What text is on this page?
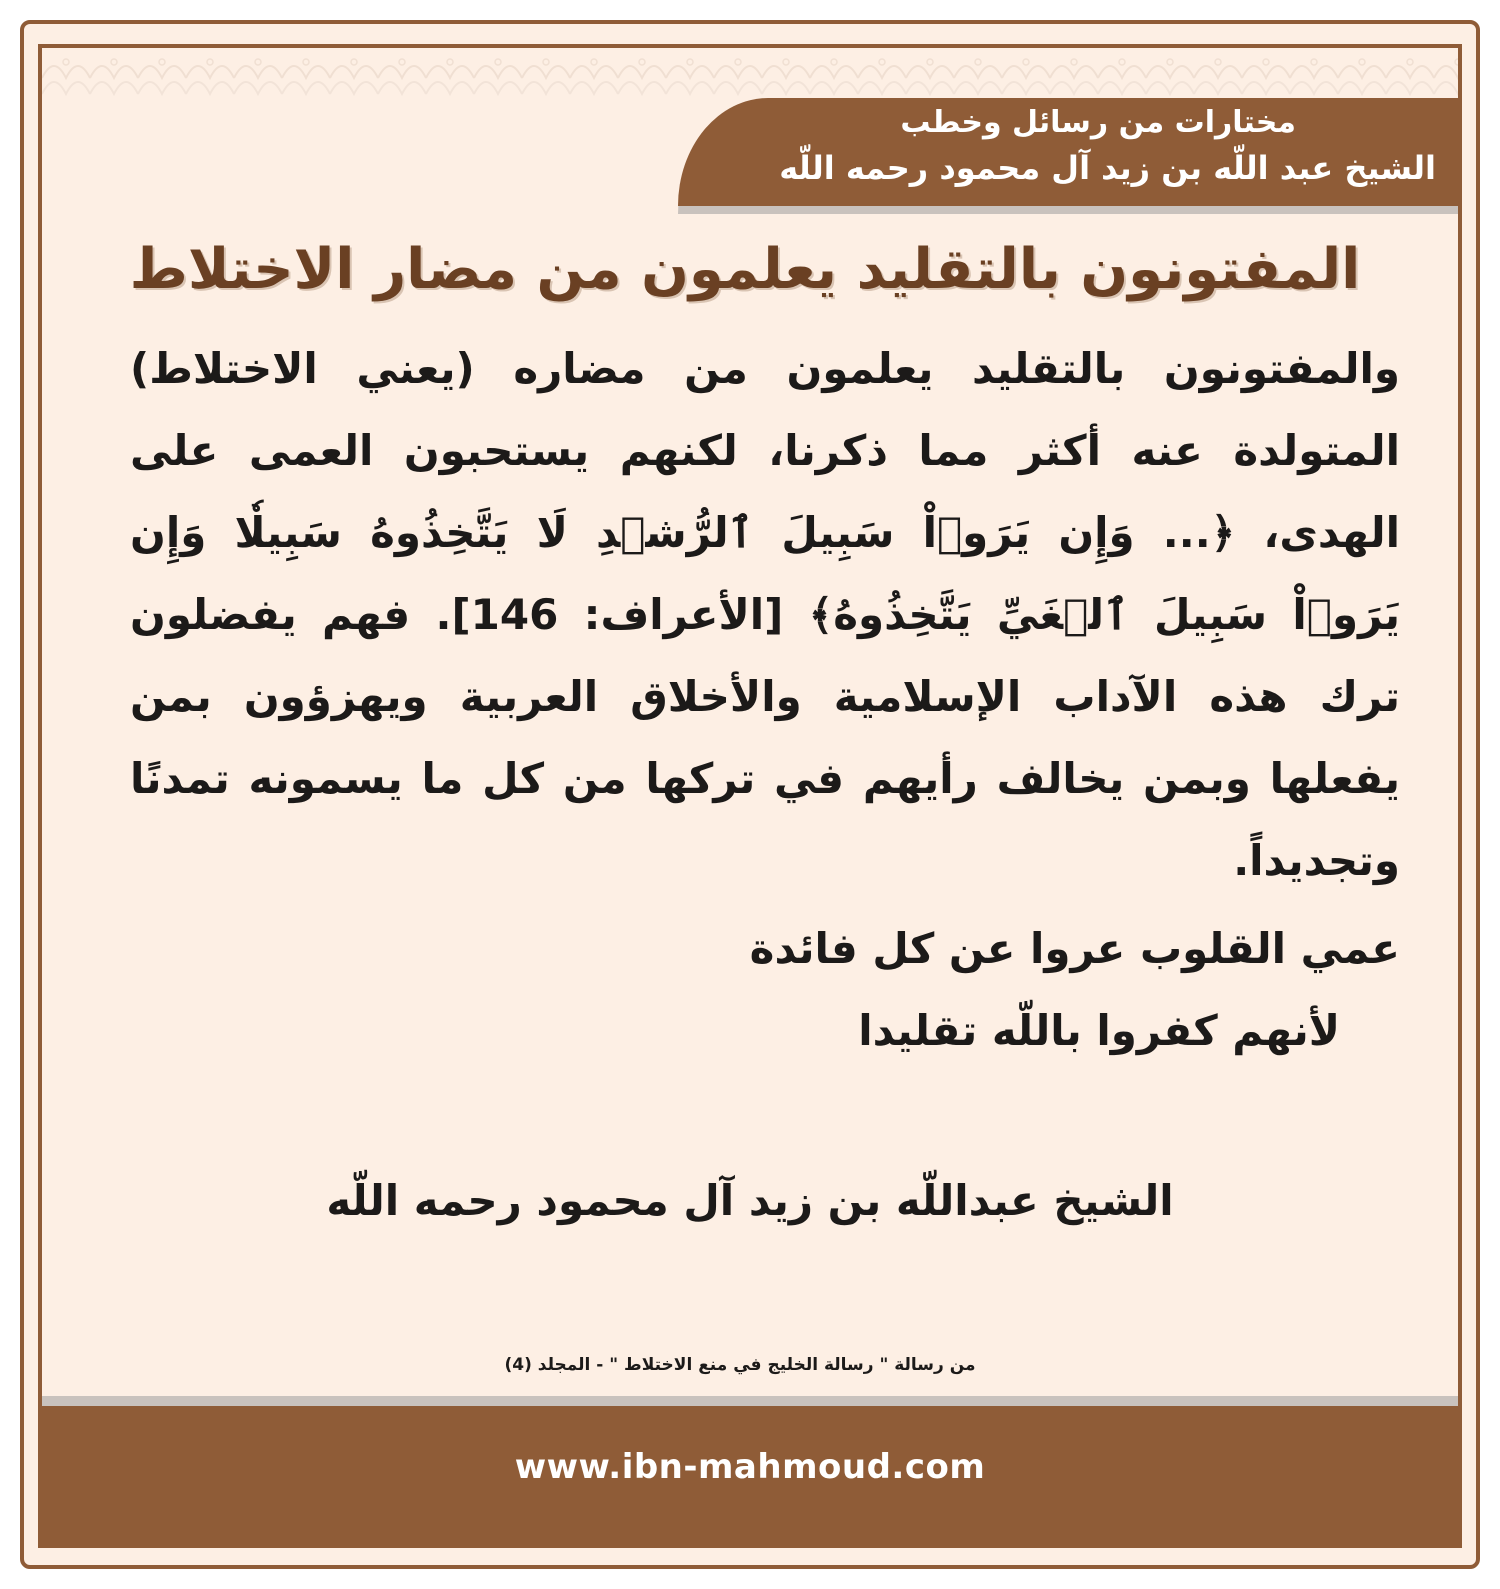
مختارات من رسائل وخطب
الشيخ عبد اللّه بن زيد آل محمود رحمه اللّه
المفتونون بالتقليد يعلمون من مضار الاختلاط

والمفتونون بالتقليد يعلمون من مضاره (يعني الاختلاط) المتولدة عنه أكثر مما ذكرنا، لكنهم يستحبون العمى على الهدى، ﴿... وَإِن يَرَوۡاْ سَبِيلَ ٱلرُّشۡدِ لَا يَتَّخِذُوهُ سَبِيلٗا وَإِن يَرَوۡاْ سَبِيلَ ٱلۡغَيِّ يَتَّخِذُوهُ﴾ [الأعراف: 146]. فهم يفضلون ترك هذه الآداب الإسلامية والأخلاق العربية ويهزؤون بمن يفعلها وبمن يخالف رأيهم في تركها من كل ما يسمونه تمدنًا وتجديداً.

عمي القلوب عروا عن كل فائدة
لأنهم كفروا باللّه تقليدا
الشيخ عبداللّه بن زيد آل محمود رحمه اللّه
من رسالة " رسالة الخليج في منع الاختلاط " - المجلد (4)
www.ibn-mahmoud.com
